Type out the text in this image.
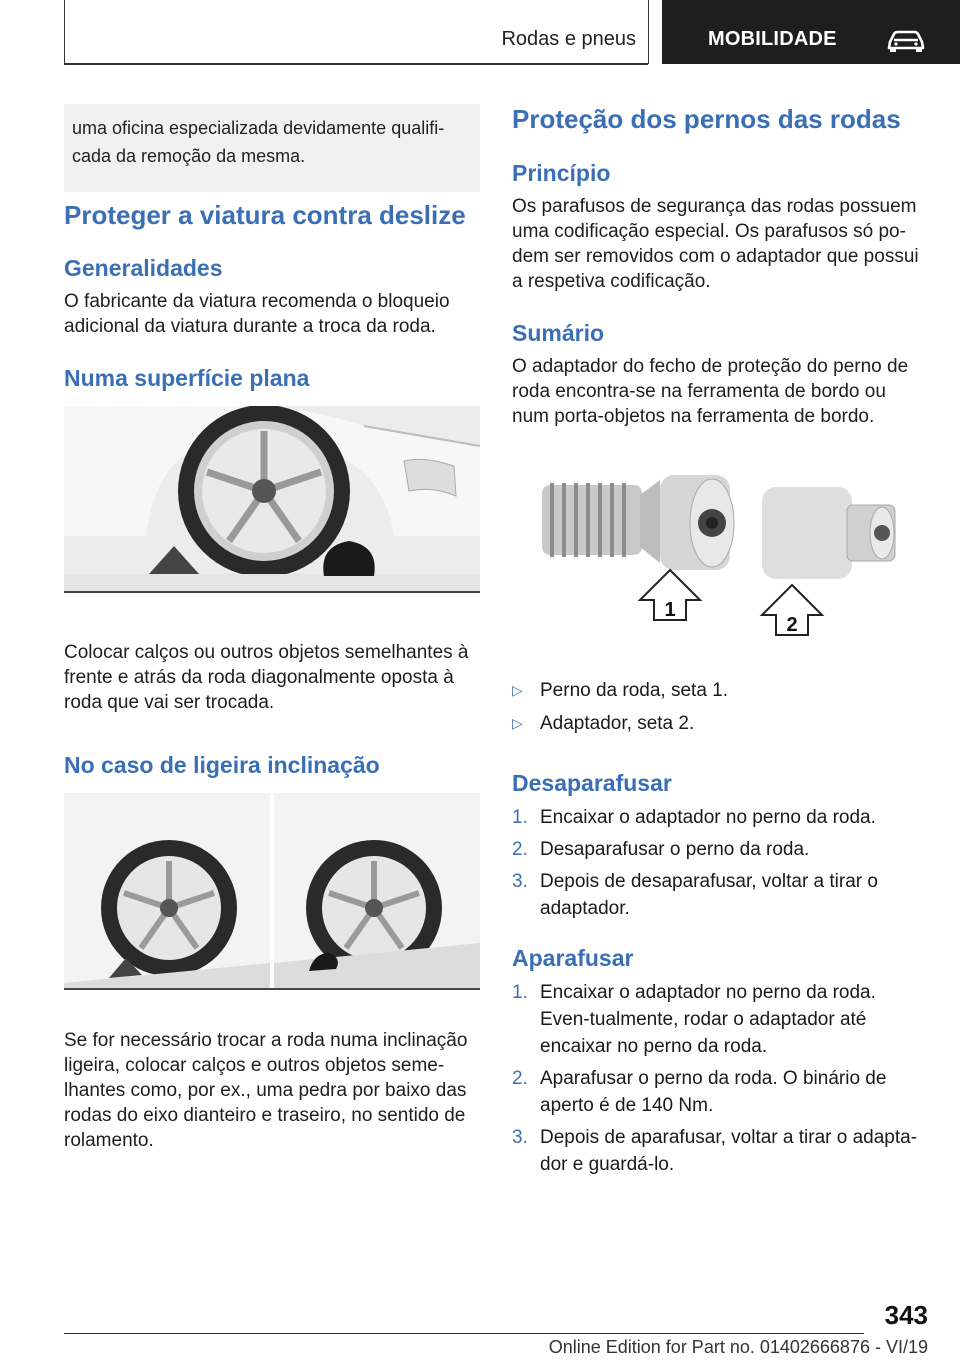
Rodas e pneus	MOBILIDADE
uma oficina especializada devidamente qualifi-cada da remoção da mesma.
Proteger a viatura contra deslize
Generalidades

O fabricante da viatura recomenda o bloqueio adicional da viatura durante a troca da roda.

Numa superfície plana

Colocar calços ou outros objetos semelhantes à frente e atrás da roda diagonalmente oposta à roda que vai ser trocada.

No caso de ligeira inclinação

Se for necessário trocar a roda numa inclinação ligeira, colocar calços e outros objetos seme-lhantes como, por ex., uma pedra por baixo das rodas do eixo dianteiro e traseiro, no sentido de rolamento.

Proteção dos pernos das rodas
Princípio

Os parafusos de segurança das rodas possuem uma codificação especial. Os parafusos só po-dem ser removidos com o adaptador que possui a respetiva codificação.

Sumário

O adaptador do fecho de proteção do perno de roda encontra-se na ferramenta de bordo ou num porta-objetos na ferramenta de bordo.

1
2
▷ Perno da roda, seta 1.
▷ Adaptador, seta 2.
Desaparafusar
1. Encaixar o adaptador no perno da roda.
2. Desaparafusar o perno da roda.
3. Depois de desaparafusar, voltar a tirar o adaptador.
Aparafusar
1. Encaixar o adaptador no perno da roda. Even-tualmente, rodar o adaptador até encaixar no perno da roda.
2. Aparafusar o perno da roda. O binário de aperto é de 140 Nm.
3. Depois de aparafusar, voltar a tirar o adapta-dor e guardá-lo.
343
Online Edition for Part no. 01402666876 - VI/19
